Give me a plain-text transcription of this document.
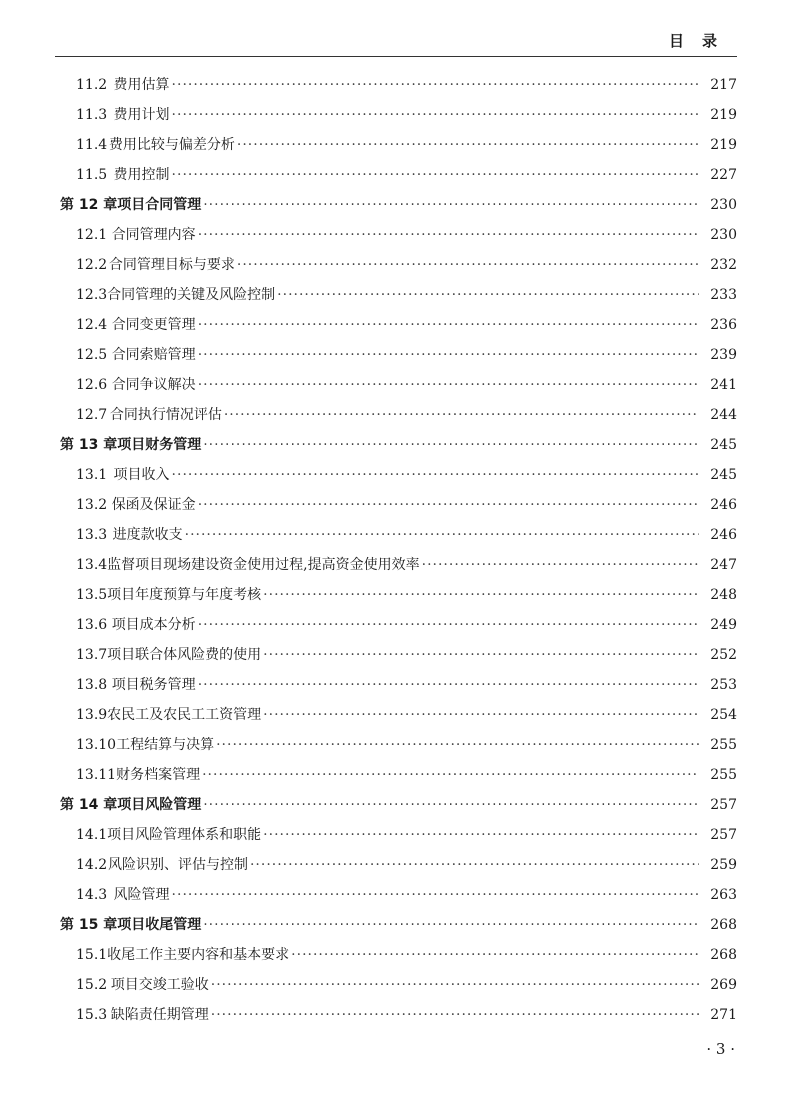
目录
11.2 费用估算 ·····	217
11.3 费用计划 ·····	219
11.4 费用比较与偏差分析 ·····	219
11.5 费用控制 ·····	227
第 12 章 项目合同管理 ·····	230
12.1 合同管理内容 ·····	230
12.2 合同管理目标与要求 ·····	232
12.3 合同管理的关键及风险控制 ·····	233
12.4 合同变更管理 ·····	236
12.5 合同索赔管理 ·····	239
12.6 合同争议解决 ·····	241
12.7 合同执行情况评估 ·····	244
第 13 章 项目财务管理 ·····	245
13.1 项目收入 ·····	245
13.2 保函及保证金 ·····	246
13.3 进度款收支 ·····	246
13.4 监督项目现场建设资金使用过程,提高资金使用效率 ·····	247
13.5 项目年度预算与年度考核 ·····	248
13.6 项目成本分析 ·····	249
13.7 项目联合体风险费的使用 ·····	252
13.8 项目税务管理 ·····	253
13.9 农民工及农民工工资管理 ·····	254
13.10 工程结算与决算 ·····	255
13.11 财务档案管理 ·····	255
第 14 章 项目风险管理 ·····	257
14.1 项目风险管理体系和职能 ·····	257
14.2 风险识别、评估与控制 ·····	259
14.3 风险管理 ·····	263
第 15 章 项目收尾管理 ·····	268
15.1 收尾工作主要内容和基本要求 ·····	268
15.2 项目交竣工验收 ·····	269
15.3 缺陷责任期管理 ·····	271
· 3 ·
